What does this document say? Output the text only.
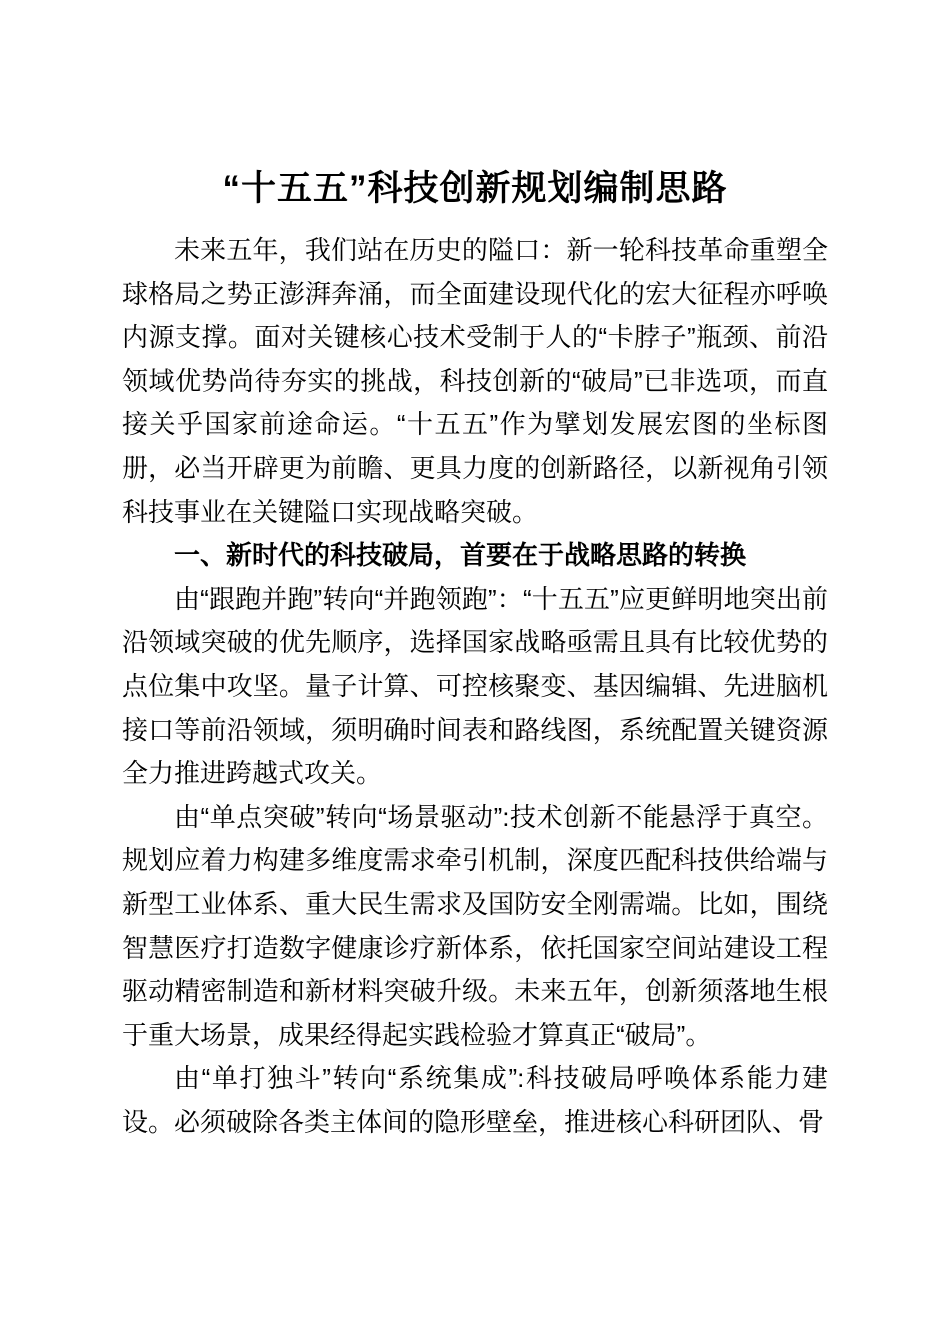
“十五五”科技创新规划编制思路

未来五年，我们站在历史的隘口：新一轮科技革命重塑全球格局之势正澎湃奔涌，而全面建设现代化的宏大征程亦呼唤内源支撑。面对关键核心技术受制于人的“卡脖子”瓶颈、前沿领域优势尚待夯实的挑战，科技创新的“破局”已非选项，而直接关乎国家前途命运。“十五五”作为擘划发展宏图的坐标图册，必当开辟更为前瞻、更具力度的创新路径，以新视角引领科技事业在关键隘口实现战略突破。

一、新时代的科技破局，首要在于战略思路的转换

由“跟跑并跑”转向“并跑领跑”：“十五五”应更鲜明地突出前沿领域突破的优先顺序，选择国家战略亟需且具有比较优势的点位集中攻坚。量子计算、可控核聚变、基因编辑、先进脑机接口等前沿领域，须明确时间表和路线图，系统配置关键资源全力推进跨越式攻关。

由“单点突破”转向“场景驱动”:技术创新不能悬浮于真空。规划应着力构建多维度需求牵引机制，深度匹配科技供给端与新型工业体系、重大民生需求及国防安全刚需端。比如，围绕智慧医疗打造数字健康诊疗新体系，依托国家空间站建设工程驱动精密制造和新材料突破升级。未来五年，创新须落地生根于重大场景，成果经得起实践检验才算真正“破局”。

由“单打独斗”转向“系统集成”:科技破局呼唤体系能力建设。必须破除各类主体间的隐形壁垒，推进核心科研团队、骨
